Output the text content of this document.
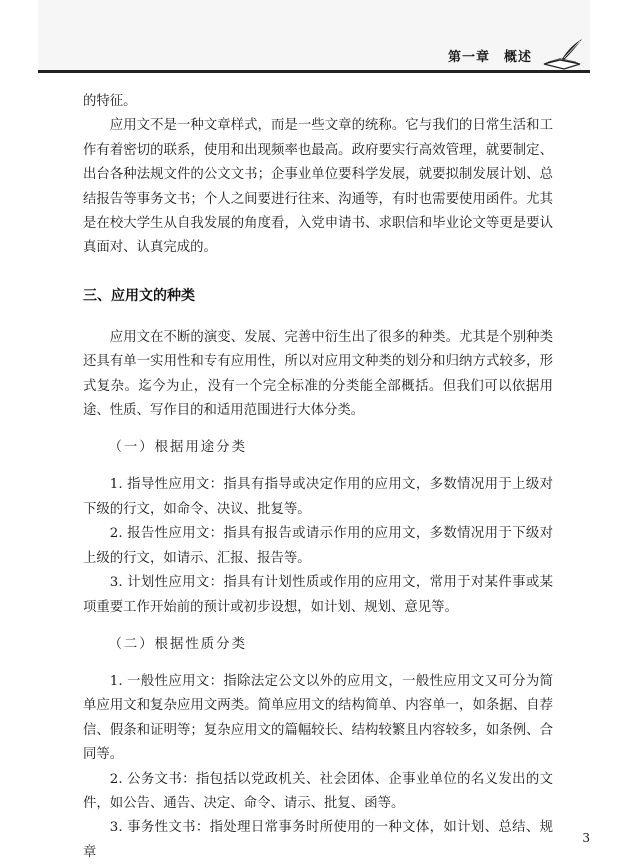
第一章　概述

的特征。

应用文不是一种文章样式，而是一些文章的统称。它与我们的日常生活和工作有着密切的联系，使用和出现频率也最高。政府要实行高效管理，就要制定、出台各种法规文件的公文文书；企事业单位要科学发展，就要拟制发展计划、总结报告等事务文书；个人之间要进行往来、沟通等，有时也需要使用函件。尤其是在校大学生从自我发展的角度看，入党申请书、求职信和毕业论文等更是要认真面对、认真完成的。

三、应用文的种类

应用文在不断的演变、发展、完善中衍生出了很多的种类。尤其是个别种类还具有单一实用性和专有应用性，所以对应用文种类的划分和归纳方式较多，形式复杂。迄今为止，没有一个完全标准的分类能全部概括。但我们可以依据用途、性质、写作目的和适用范围进行大体分类。

（一）根据用途分类

1. 指导性应用文：指具有指导或决定作用的应用文，多数情况用于上级对下级的行文，如命令、决议、批复等。

2. 报告性应用文：指具有报告或请示作用的应用文，多数情况用于下级对上级的行文，如请示、汇报、报告等。

3. 计划性应用文：指具有计划性质或作用的应用文，常用于对某件事或某项重要工作开始前的预计或初步设想，如计划、规划、意见等。

（二）根据性质分类

1. 一般性应用文：指除法定公文以外的应用文，一般性应用文又可分为简单应用文和复杂应用文两类。简单应用文的结构简单、内容单一，如条据、自荐信、假条和证明等；复杂应用文的篇幅较长、结构较繁且内容较多，如条例、合同等。

2. 公务文书：指包括以党政机关、社会团体、企事业单位的名义发出的文件，如公告、通告、决定、命令、请示、批复、函等。

3. 事务性文书：指处理日常事务时所使用的一种文体，如计划、总结、规章

3
